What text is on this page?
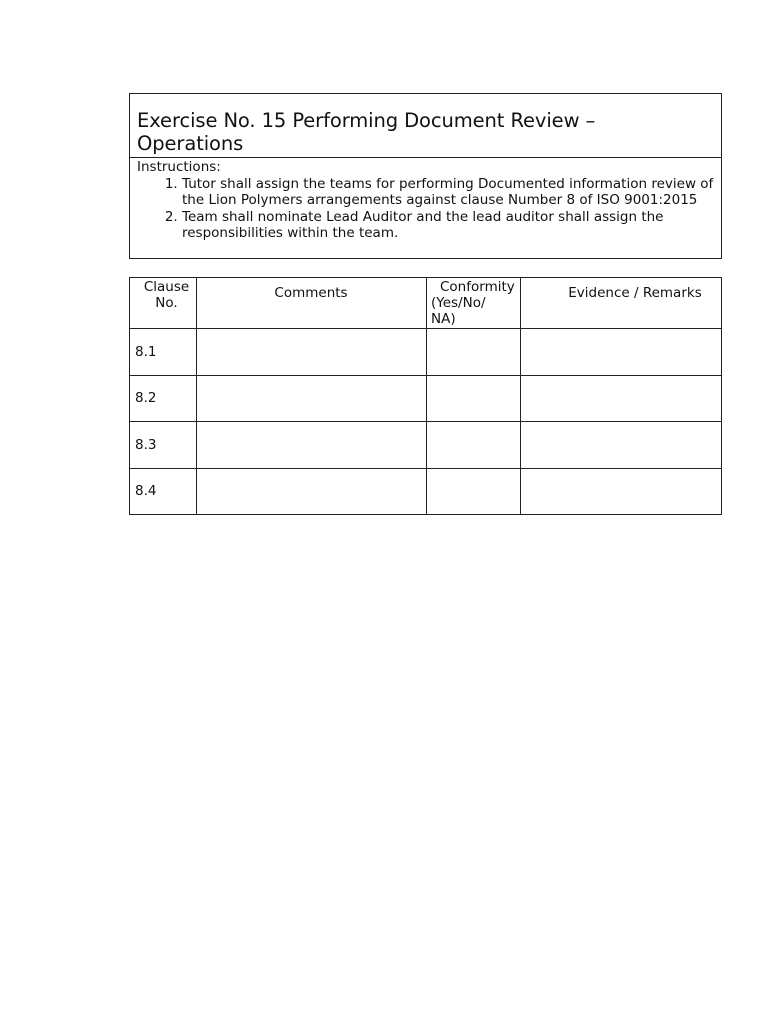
Exercise No. 15 Performing Document Review –
Operations
Instructions:
1. Tutor shall assign the teams for performing Documented information review of the Lion Polymers arrangements against clause Number 8 of ISO 9001:2015
2. Team shall nominate Lead Auditor and the lead auditor shall assign the responsibilities within the team.
Clause No.	Comments	Conformity
(Yes/No/
NA)	Evidence / Remarks
8.1			
8.2			
8.3			
8.4			
